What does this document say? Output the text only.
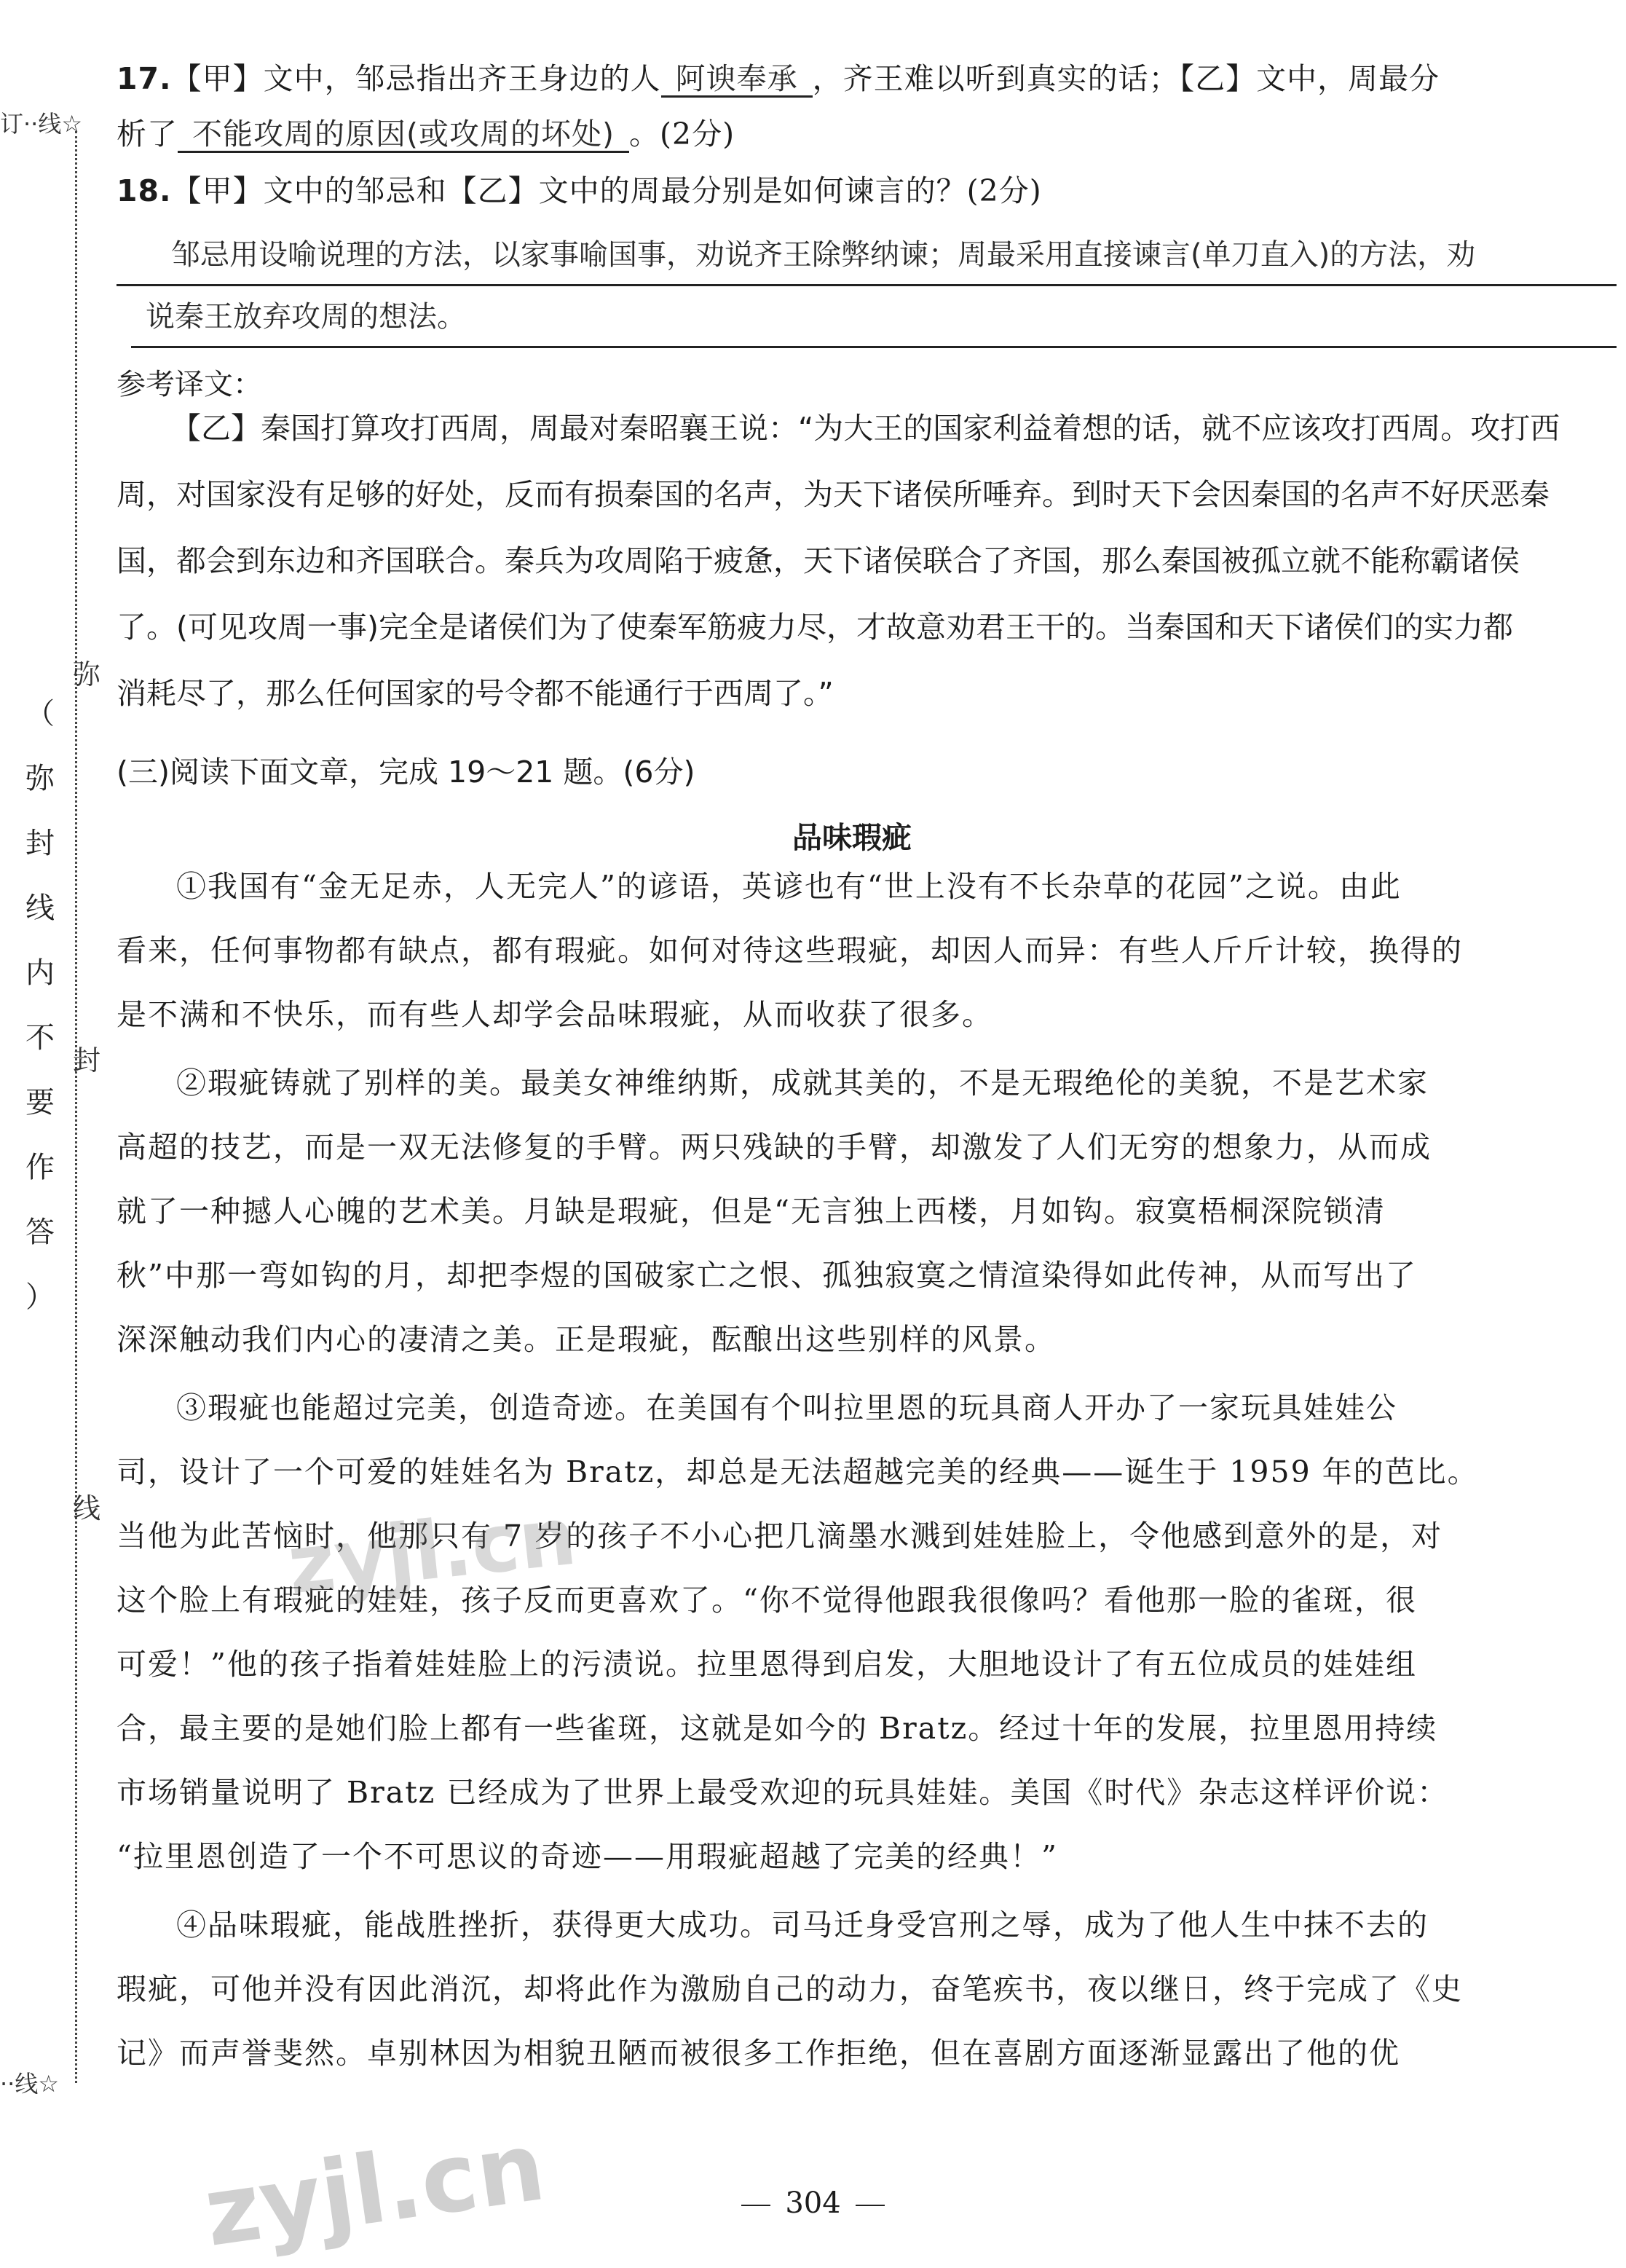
订··线☆
··线☆
弥
封
线
（
弥
封
线
内
不
要
作
答
）
17.【甲】文中，邹忌指出齐王身边的人 阿谀奉承 ，齐王难以听到真实的话；【乙】文中，周最分
析了 不能攻周的原因(或攻周的坏处) 。(2分)
18.【甲】文中的邹忌和【乙】文中的周最分别是如何谏言的？(2分)
邹忌用设喻说理的方法，以家事喻国事，劝说齐王除弊纳谏；周最采用直接谏言(单刀直入)的方法，劝
说秦王放弃攻周的想法。
参考译文：
【乙】秦国打算攻打西周，周最对秦昭襄王说：“为大王的国家利益着想的话，就不应该攻打西周。攻打西
周，对国家没有足够的好处，反而有损秦国的名声，为天下诸侯所唾弃。到时天下会因秦国的名声不好厌恶秦
国，都会到东边和齐国联合。秦兵为攻周陷于疲惫，天下诸侯联合了齐国，那么秦国被孤立就不能称霸诸侯
了。(可见攻周一事)完全是诸侯们为了使秦军筋疲力尽，才故意劝君王干的。当秦国和天下诸侯们的实力都
消耗尽了，那么任何国家的号令都不能通行于西周了。”
(三)阅读下面文章，完成 19～21 题。(6分)
品味瑕疵
①我国有“金无足赤，人无完人”的谚语，英谚也有“世上没有不长杂草的花园”之说。由此
看来，任何事物都有缺点，都有瑕疵。如何对待这些瑕疵，却因人而异：有些人斤斤计较，换得的
是不满和不快乐，而有些人却学会品味瑕疵，从而收获了很多。
②瑕疵铸就了别样的美。最美女神维纳斯，成就其美的，不是无瑕绝伦的美貌，不是艺术家
高超的技艺，而是一双无法修复的手臂。两只残缺的手臂，却激发了人们无穷的想象力，从而成
就了一种撼人心魄的艺术美。月缺是瑕疵，但是“无言独上西楼，月如钩。寂寞梧桐深院锁清
秋”中那一弯如钩的月，却把李煜的国破家亡之恨、孤独寂寞之情渲染得如此传神，从而写出了
深深触动我们内心的凄清之美。正是瑕疵，酝酿出这些别样的风景。
③瑕疵也能超过完美，创造奇迹。在美国有个叫拉里恩的玩具商人开办了一家玩具娃娃公
司，设计了一个可爱的娃娃名为 Bratz，却总是无法超越完美的经典——诞生于 1959 年的芭比。
当他为此苦恼时，他那只有 7 岁的孩子不小心把几滴墨水溅到娃娃脸上，令他感到意外的是，对
这个脸上有瑕疵的娃娃，孩子反而更喜欢了。“你不觉得他跟我很像吗？看他那一脸的雀斑，很
可爱！”他的孩子指着娃娃脸上的污渍说。拉里恩得到启发，大胆地设计了有五位成员的娃娃组
合，最主要的是她们脸上都有一些雀斑，这就是如今的 Bratz。经过十年的发展，拉里恩用持续
市场销量说明了 Bratz 已经成为了世界上最受欢迎的玩具娃娃。美国《时代》杂志这样评价说：
“拉里恩创造了一个不可思议的奇迹——用瑕疵超越了完美的经典！”
④品味瑕疵，能战胜挫折，获得更大成功。司马迁身受宫刑之辱，成为了他人生中抹不去的
瑕疵，可他并没有因此消沉，却将此作为激励自己的动力，奋笔疾书，夜以继日，终于完成了《史
记》而声誉斐然。卓别林因为相貌丑陋而被很多工作拒绝，但在喜剧方面逐渐显露出了他的优
304
zyjl.cn
zyjl.cn
